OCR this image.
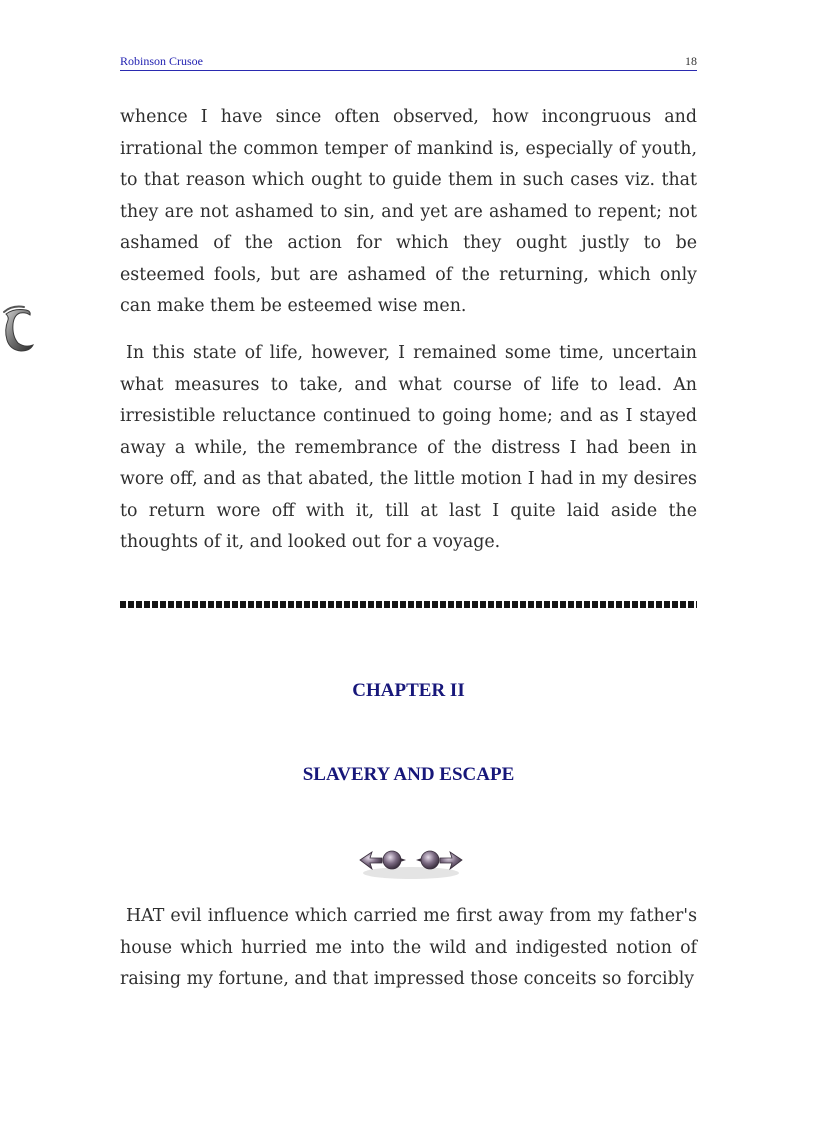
Robinson Crusoe	18

whence I have since often observed, how incongruous and irrational the common temper of mankind is, especially of youth, to that reason which ought to guide them in such cases viz. that they are not ashamed to sin, and yet are ashamed to repent; not ashamed of the action for which they ought justly to be esteemed fools, but are ashamed of the returning, which only can make them be esteemed wise men.

In this state of life, however, I remained some time, uncertain what measures to take, and what course of life to lead. An irresistible reluctance continued to going home; and as I stayed away a while, the remembrance of the distress I had been in wore off, and as that abated, the little motion I had in my desires to return wore off with it, till at last I quite laid aside the thoughts of it, and looked out for a voyage.

CHAPTER II
SLAVERY AND ESCAPE

HAT evil influence which carried me first away from my father's house which hurried me into the wild and indigested notion of raising my fortune, and that impressed those conceits so forcibly
